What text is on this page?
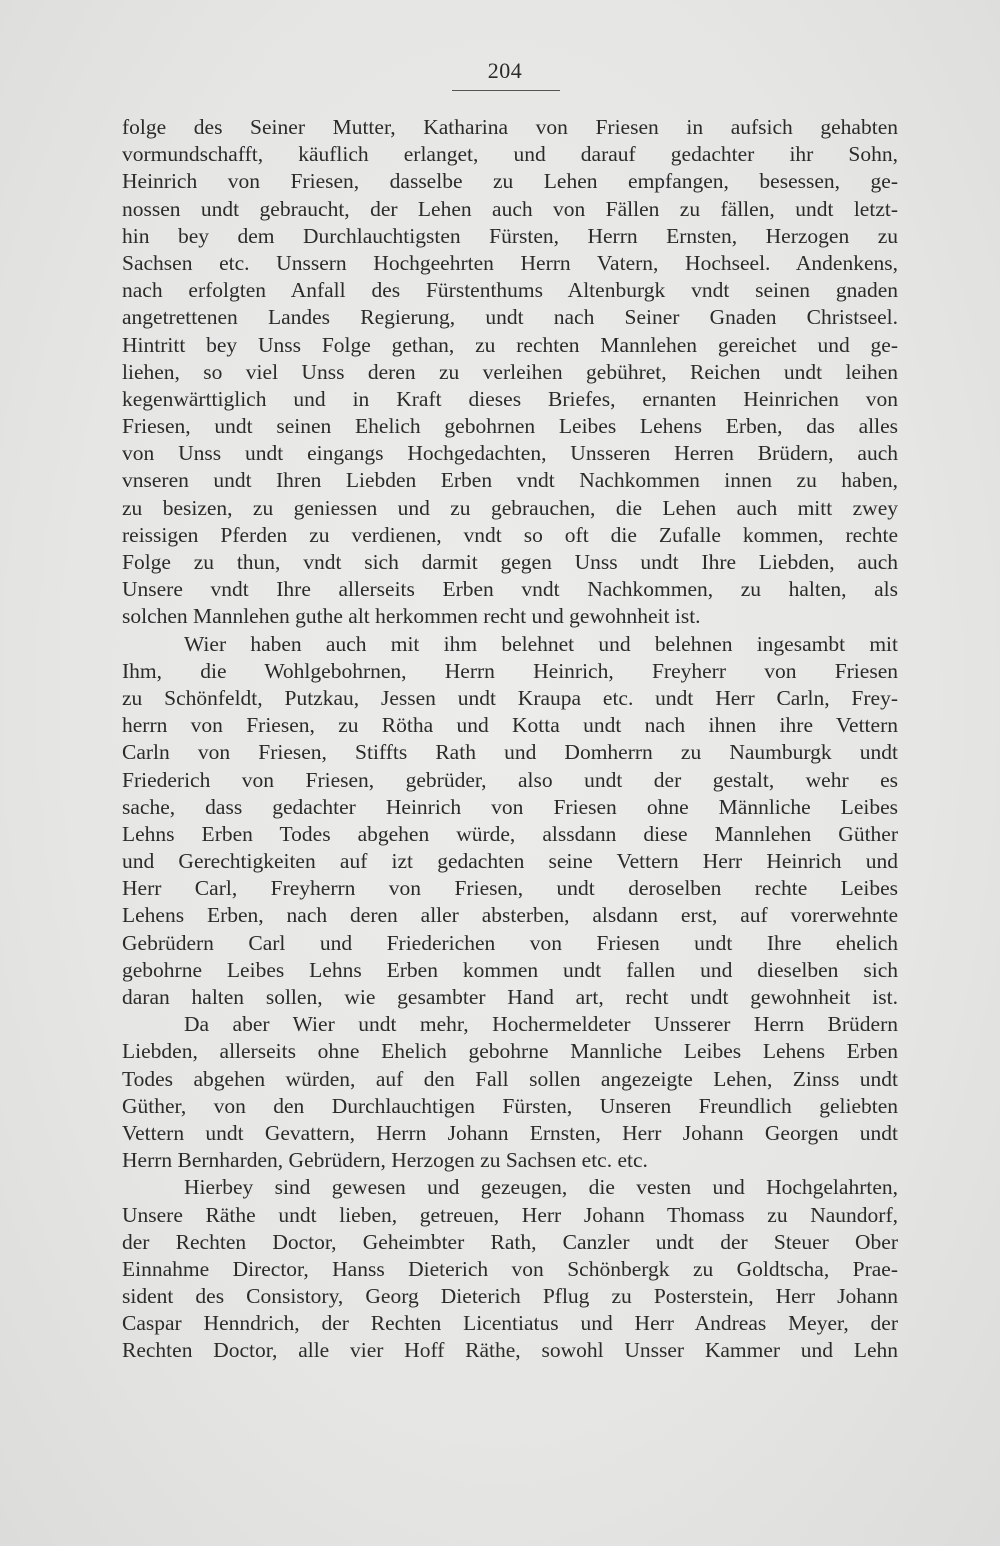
204
folge des Seiner Mutter, Katharina von Friesen in aufsich gehabten
vormundschafft, käuflich erlanget, und darauf gedachter ihr Sohn,
Heinrich von Friesen, dasselbe zu Lehen empfangen, besessen, ge-
nossen undt gebraucht, der Lehen auch von Fällen zu fällen, undt letzt-
hin bey dem Durchlauchtigsten Fürsten, Herrn Ernsten, Herzogen zu
Sachsen etc. Unssern Hochgeehrten Herrn Vatern, Hochseel. Andenkens,
nach erfolgten Anfall des Fürstenthums Altenburgk vndt seinen gnaden
angetrettenen Landes Regierung, undt nach Seiner Gnaden Christseel.
Hintritt bey Unss Folge gethan, zu rechten Mannlehen gereichet und ge-
liehen, so viel Unss deren zu verleihen gebühret, Reichen undt leihen
kegenwärttiglich und in Kraft dieses Briefes, ernanten Heinrichen von
Friesen, undt seinen Ehelich gebohrnen Leibes Lehens Erben, das alles
von Unss undt eingangs Hochgedachten, Unsseren Herren Brüdern, auch
vnseren undt Ihren Liebden Erben vndt Nachkommen innen zu haben,
zu besizen, zu geniessen und zu gebrauchen, die Lehen auch mitt zwey
reissigen Pferden zu verdienen, vndt so oft die Zufalle kommen, rechte
Folge zu thun, vndt sich darmit gegen Unss undt Ihre Liebden, auch
Unsere vndt Ihre allerseits Erben vndt Nachkommen, zu halten, als
solchen Mannlehen guthe alt herkommen recht und gewohnheit ist.
Wier haben auch mit ihm belehnet und belehnen ingesambt mit
Ihm, die Wohlgebohrnen, Herrn Heinrich, Freyherr von Friesen
zu Schönfeldt, Putzkau, Jessen undt Kraupa etc. undt Herr Carln, Frey-
herrn von Friesen, zu Rötha und Kotta undt nach ihnen ihre Vettern
Carln von Friesen, Stiffts Rath und Domherrn zu Naumburgk undt
Friederich von Friesen, gebrüder, also undt der gestalt, wehr es
sache, dass gedachter Heinrich von Friesen ohne Männliche Leibes
Lehns Erben Todes abgehen würde, alssdann diese Mannlehen Güther
und Gerechtigkeiten auf izt gedachten seine Vettern Herr Heinrich und
Herr Carl, Freyherrn von Friesen, undt deroselben rechte Leibes
Lehens Erben, nach deren aller absterben, alsdann erst, auf vorerwehnte
Gebrüdern Carl und Friederichen von Friesen undt Ihre ehelich
gebohrne Leibes Lehns Erben kommen undt fallen und dieselben sich
daran halten sollen, wie gesambter Hand art, recht undt gewohnheit ist.
Da aber Wier undt mehr, Hochermeldeter Unsserer Herrn Brüdern
Liebden, allerseits ohne Ehelich gebohrne Mannliche Leibes Lehens Erben
Todes abgehen würden, auf den Fall sollen angezeigte Lehen, Zinss undt
Güther, von den Durchlauchtigen Fürsten, Unseren Freundlich geliebten
Vettern undt Gevattern, Herrn Johann Ernsten, Herr Johann Georgen undt
Herrn Bernharden, Gebrüdern, Herzogen zu Sachsen etc. etc.
Hierbey sind gewesen und gezeugen, die vesten und Hochgelahrten,
Unsere Räthe undt lieben, getreuen, Herr Johann Thomass zu Naundorf,
der Rechten Doctor, Geheimbter Rath, Canzler undt der Steuer Ober
Einnahme Director, Hanss Dieterich von Schönbergk zu Goldtscha, Prae-
sident des Consistory, Georg Dieterich Pflug zu Posterstein, Herr Johann
Caspar Henndrich, der Rechten Licentiatus und Herr Andreas Meyer, der
Rechten Doctor, alle vier Hoff Räthe, sowohl Unsser Kammer und Lehn
